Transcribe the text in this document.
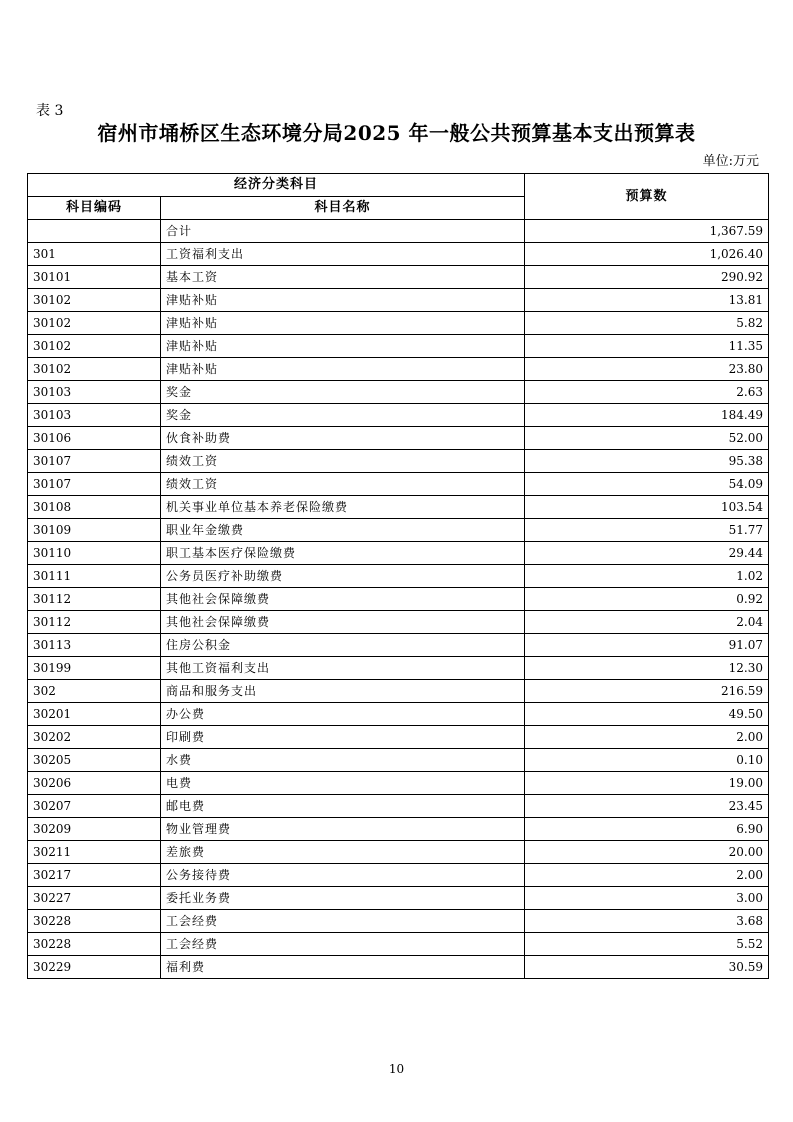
表 3
宿州市埇桥区生态环境分局2025 年一般公共预算基本支出预算表
单位:万元
经济分类科目		预算数
科目编码	科目名称	
	合计	1,367.59
301	工资福利支出	1,026.40
30101	基本工资	290.92
30102	津贴补贴	13.81
30102	津贴补贴	5.82
30102	津贴补贴	11.35
30102	津贴补贴	23.80
30103	奖金	2.63
30103	奖金	184.49
30106	伙食补助费	52.00
30107	绩效工资	95.38
30107	绩效工资	54.09
30108	机关事业单位基本养老保险缴费	103.54
30109	职业年金缴费	51.77
30110	职工基本医疗保险缴费	29.44
30111	公务员医疗补助缴费	1.02
30112	其他社会保障缴费	0.92
30112	其他社会保障缴费	2.04
30113	住房公积金	91.07
30199	其他工资福利支出	12.30
302	商品和服务支出	216.59
30201	办公费	49.50
30202	印刷费	2.00
30205	水费	0.10
30206	电费	19.00
30207	邮电费	23.45
30209	物业管理费	6.90
30211	差旅费	20.00
30217	公务接待费	2.00
30227	委托业务费	3.00
30228	工会经费	3.68
30228	工会经费	5.52
30229	福利费	30.59
10
